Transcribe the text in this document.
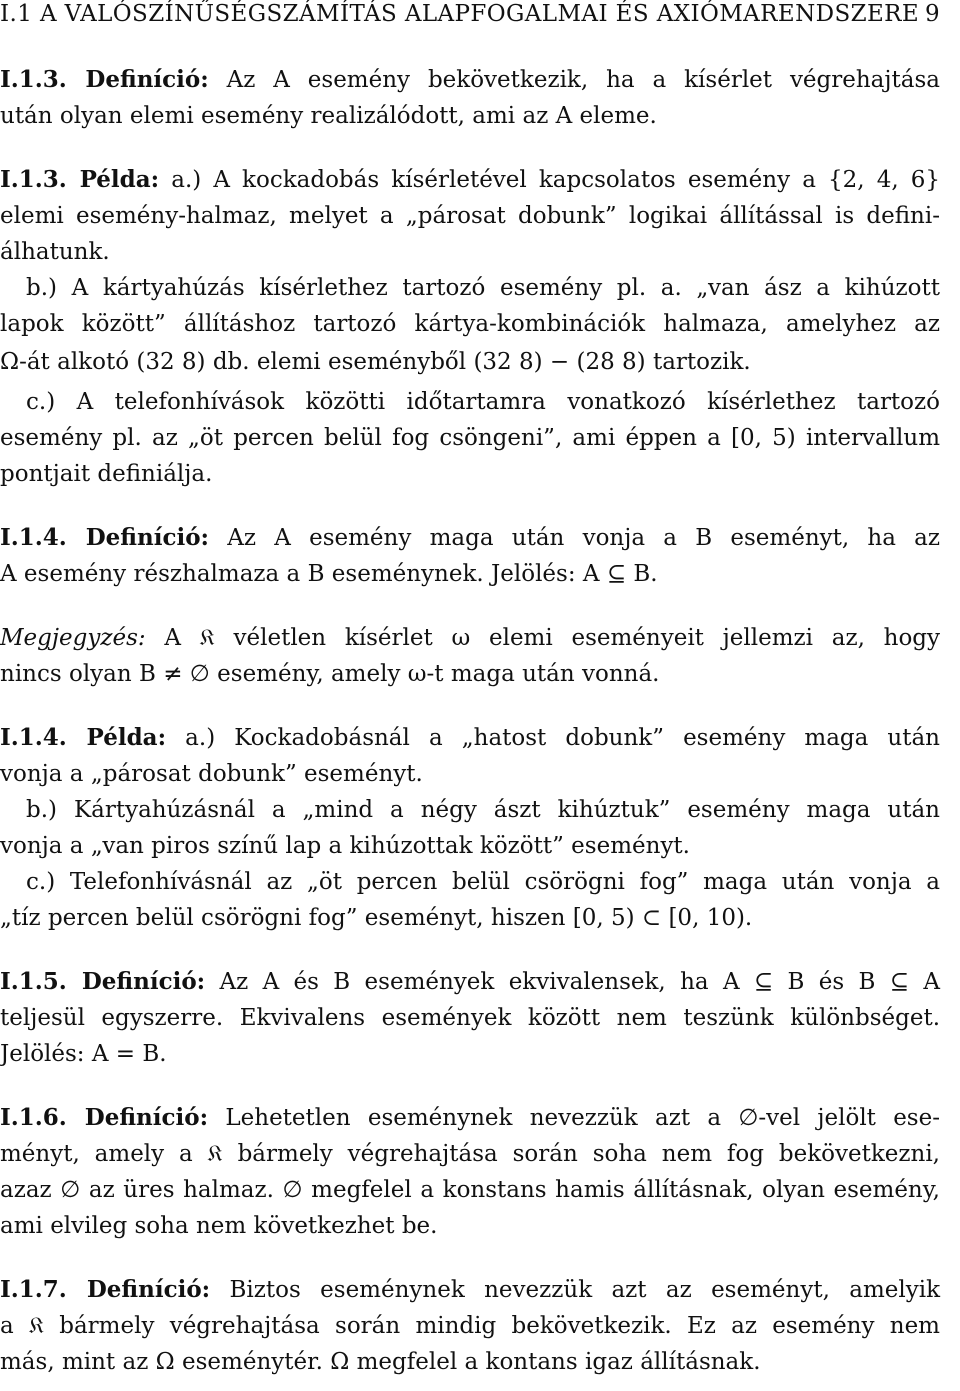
I.1 A VALÓSZÍNŰSÉGSZÁMÍTÁS ALAPFOGALMAI ÉS AXIÓMARENDSZERE 9
I.1.3. Definíció: Az A esemény bekövetkezik, ha a kísérlet végrehajtása
után olyan elemi esemény realizálódott, ami az A eleme.
I.1.3. Példa: a.) A kockadobás kísérletével kapcsolatos esemény a {2, 4, 6}
elemi esemény-halmaz, melyet a „párosat dobunk” logikai állítással is defini-
álhatunk.
b.) A kártyahúzás kísérlethez tartozó esemény pl. a. „van ász a kihúzott
lapok között” állításhoz tartozó kártya-kombinációk halmaza, amelyhez az
Ω-át alkotó (32 8) db. elemi eseményből (32 8) − (28 8) tartozik.
c.) A telefonhívások közötti időtartamra vonatkozó kísérlethez tartozó
esemény pl. az „öt percen belül fog csöngeni”, ami éppen a [0, 5) intervallum
pontjait definiálja.
I.1.4. Definíció: Az A esemény maga után vonja a B eseményt, ha az
A esemény részhalmaza a B eseménynek. Jelölés: A ⊆ B.
Megjegyzés: A 𝔎 véletlen kísérlet ω elemi eseményeit jellemzi az, hogy
nincs olyan B ≠ ∅ esemény, amely ω-t maga után vonná.
I.1.4. Példa: a.) Kockadobásnál a „hatost dobunk” esemény maga után
vonja a „párosat dobunk” eseményt.
b.) Kártyahúzásnál a „mind a négy ászt kihúztuk” esemény maga után
vonja a „van piros színű lap a kihúzottak között” eseményt.
c.) Telefonhívásnál az „öt percen belül csörögni fog” maga után vonja a
„tíz percen belül csörögni fog” eseményt, hiszen [0, 5) ⊂ [0, 10).
I.1.5. Definíció: Az A és B események ekvivalensek, ha A ⊆ B és B ⊆ A
teljesül egyszerre. Ekvivalens események között nem teszünk különbséget.
Jelölés: A = B.
I.1.6. Definíció: Lehetetlen eseménynek nevezzük azt a ∅-vel jelölt ese-
ményt, amely a 𝔎 bármely végrehajtása során soha nem fog bekövetkezni,
azaz ∅ az üres halmaz. ∅ megfelel a konstans hamis állításnak, olyan esemény,
ami elvileg soha nem következhet be.
I.1.7. Definíció: Biztos eseménynek nevezzük azt az eseményt, amelyik
a 𝔎 bármely végrehajtása során mindig bekövetkezik. Ez az esemény nem
más, mint az Ω eseménytér. Ω megfelel a kontans igaz állításnak.
